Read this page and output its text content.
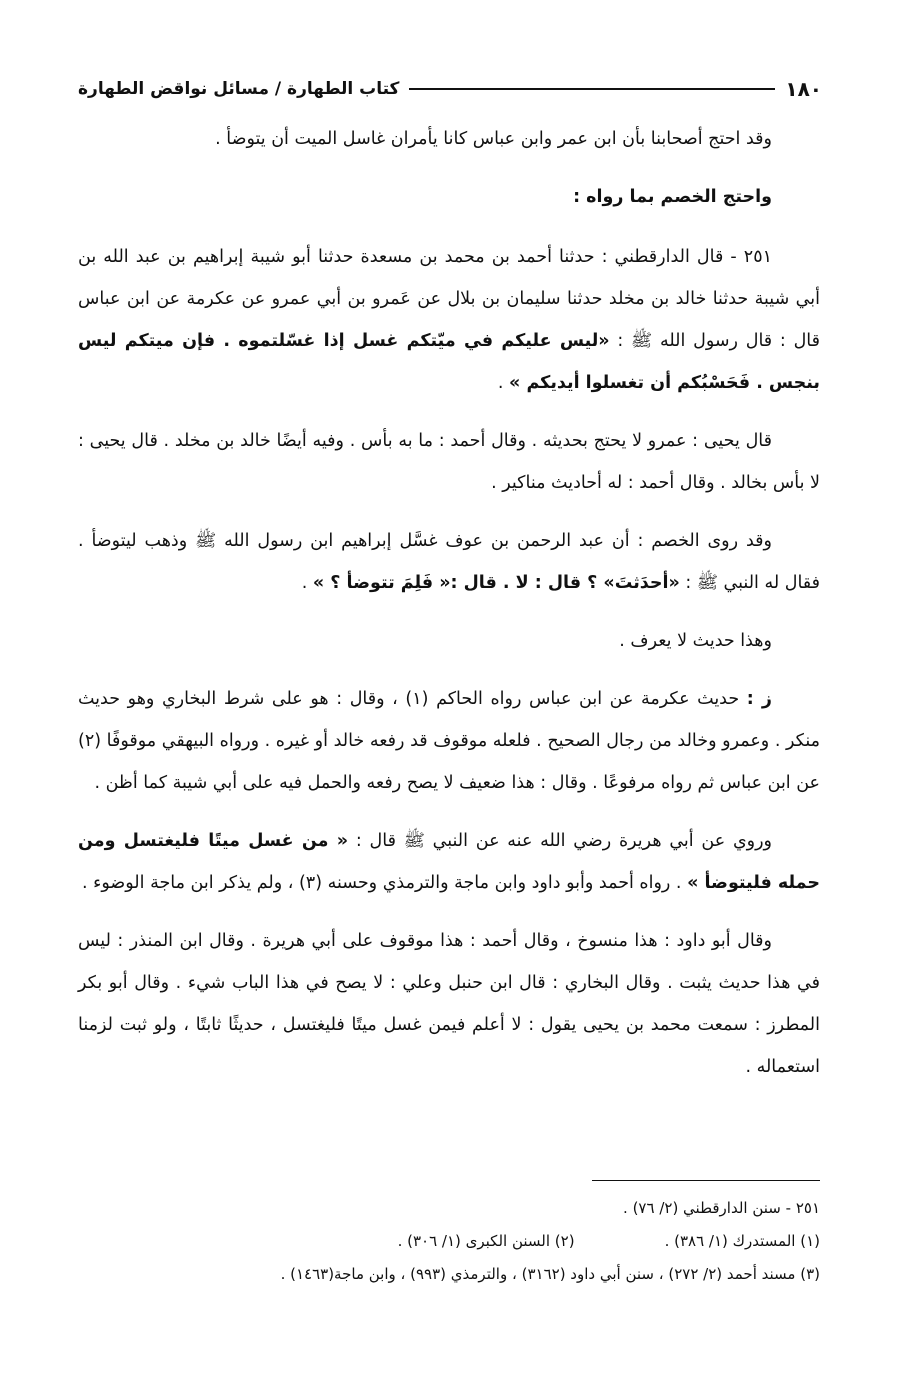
١٨٠
كتاب الطهارة / مسائل نواقض الطهارة

وقد احتج أصحابنا بأن ابن عمر وابن عباس كانا يأمران غاسل الميت أن يتوضأ .

واحتج الخصم بما رواه :

٢٥١ - قال الدارقطني : حدثنا أحمد بن محمد بن مسعدة حدثنا أبو شيبة إبراهيم بن عبد الله بن أبي شيبة حدثنا خالد بن مخلد حدثنا سليمان بن بلال عن عَمرو بن أبي عمرو عن عكرمة عن ابن عباس قال : قال رسول الله ﷺ : «ليس عليكم في ميّتكم غسل إذا غسّلتموه . فإن ميتكم ليس بنجس . فَحَسْبُكم أن تغسلوا أيديكم » .

قال يحيى : عمرو لا يحتج بحديثه . وقال أحمد : ما به بأس . وفيه أيضًا خالد بن مخلد . قال يحيى : لا بأس بخالد . وقال أحمد : له أحاديث مناكير .

وقد روى الخصم : أن عبد الرحمن بن عوف غسَّل إبراهيم ابن رسول الله ﷺ وذهب ليتوضأ . فقال له النبي ﷺ : «أحدَثتَ» ؟ قال : لا . قال :« فَلِمَ تتوضأ ؟ » .

وهذا حديث لا يعرف .

ز : حديث عكرمة عن ابن عباس رواه الحاكم (١) ، وقال : هو على شرط البخاري وهو حديث منكر . وعمرو وخالد من رجال الصحيح . فلعله موقوف قد رفعه خالد أو غيره . ورواه البيهقي موقوفًا (٢) عن ابن عباس ثم رواه مرفوعًا . وقال : هذا ضعيف لا يصح رفعه والحمل فيه على أبي شيبة كما أظن .

وروي عن أبي هريرة رضي الله عنه عن النبي ﷺ قال : « من غسل ميتًا فليغتسل ومن حمله فليتوضأ » . رواه أحمد وأبو داود وابن ماجة والترمذي وحسنه (٣) ، ولم يذكر ابن ماجة الوضوء .

وقال أبو داود : هذا منسوخ ، وقال أحمد : هذا موقوف على أبي هريرة . وقال ابن المنذر : ليس في هذا حديث يثبت . وقال البخاري : قال ابن حنبل وعلي : لا يصح في هذا الباب شيء . وقال أبو بكر المطرز : سمعت محمد بن يحيى يقول : لا أعلم فيمن غسل ميتًا فليغتسل ، حديثًا ثابتًا ، ولو ثبت لزمنا استعماله .

٢٥١ - سنن الدارقطني (٢/ ٧٦) .
(١) المستدرك (١/ ٣٨٦) .
(٢) السنن الكبرى (١/ ٣٠٦) .
(٣) مسند أحمد (٢/ ٢٧٢) ، سنن أبي داود (٣١٦٢) ، والترمذي (٩٩٣) ، وابن ماجة(١٤٦٣) .
